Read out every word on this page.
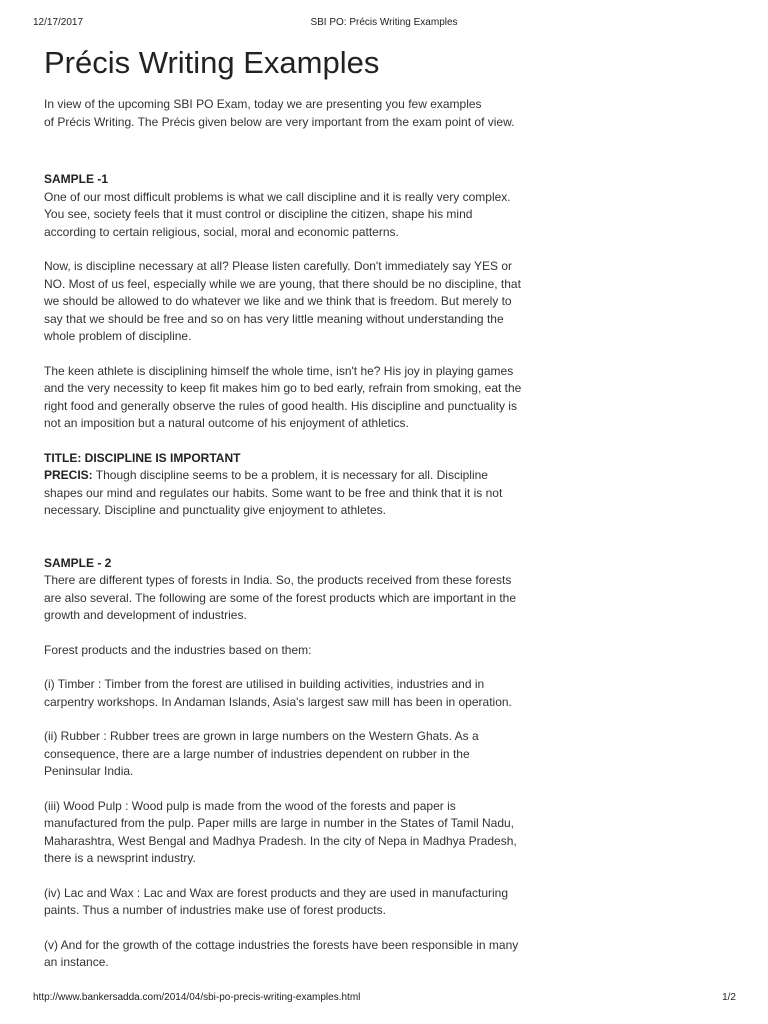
12/17/2017	SBI PO: Précis Writing Examples
Précis Writing Examples

In view of the upcoming SBI PO Exam, today we are presenting you few examples
of Précis Writing. The Précis given below are very important from the exam point of view.

SAMPLE -1

One of our most difficult problems is what we call discipline and it is really very complex.
You see, society feels that it must control or discipline the citizen, shape his mind
according to certain religious, social, moral and economic patterns.

Now, is discipline necessary at all? Please listen carefully. Don't immediately say YES or
NO. Most of us feel, especially while we are young, that there should be no discipline, that
we should be allowed to do whatever we like and we think that is freedom. But merely to
say that we should be free and so on has very little meaning without understanding the
whole problem of discipline.

The keen athlete is disciplining himself the whole time, isn't he? His joy in playing games
and the very necessity to keep fit makes him go to bed early, refrain from smoking, eat the
right food and generally observe the rules of good health. His discipline and punctuality is
not an imposition but a natural outcome of his enjoyment of athletics.

TITLE: DISCIPLINE IS IMPORTANT

PRECIS: Though discipline seems to be a problem, it is necessary for all. Discipline
shapes our mind and regulates our habits. Some want to be free and think that it is not
necessary. Discipline and punctuality give enjoyment to athletes.

SAMPLE - 2

There are different types of forests in India. So, the products received from these forests
are also several. The following are some of the forest products which are important in the
growth and development of industries.

Forest products and the industries based on them:

(i) Timber : Timber from the forest are utilised in building activities, industries and in
carpentry workshops. In Andaman Islands, Asia's largest saw mill has been in operation.

(ii) Rubber : Rubber trees are grown in large numbers on the Western Ghats. As a
consequence, there are a large number of industries dependent on rubber in the
Peninsular India.

(iii) Wood Pulp : Wood pulp is made from the wood of the forests and paper is
manufactured from the pulp. Paper mills are large in number in the States of Tamil Nadu,
Maharashtra, West Bengal and Madhya Pradesh. In the city of Nepa in Madhya Pradesh,
there is a newsprint industry.

(iv) Lac and Wax : Lac and Wax are forest products and they are used in manufacturing
paints. Thus a number of industries make use of forest products.

(v) And for the growth of the cottage industries the forests have been responsible in many
an instance.

http://www.bankersadda.com/2014/04/sbi-po-precis-writing-examples.html	1/2
